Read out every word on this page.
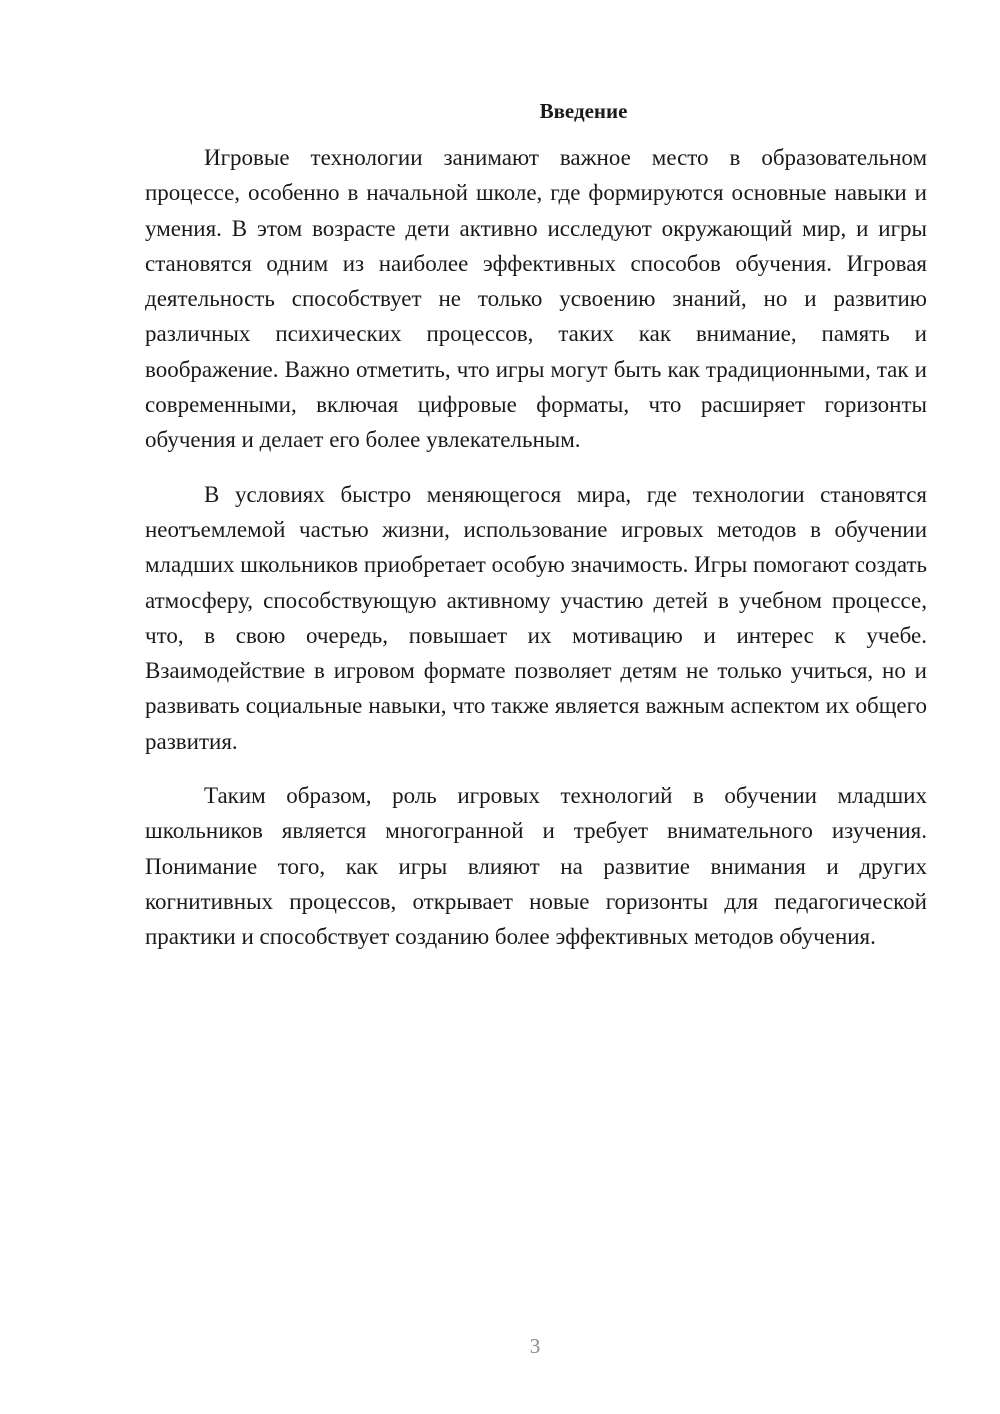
Введение

Игровые технологии занимают важное место в образовательном процессе, особенно в начальной школе, где формируются основные навыки и умения. В этом возрасте дети активно исследуют окружающий мир, и игры становятся одним из наиболее эффективных способов обучения. Игровая деятельность способствует не только усвоению знаний, но и развитию различных психических процессов, таких как внимание, память и воображение. Важно отметить, что игры могут быть как традиционными, так и современными, включая цифровые форматы, что расширяет горизонты обучения и делает его более увлекательным.

В условиях быстро меняющегося мира, где технологии становятся неотъемлемой частью жизни, использование игровых методов в обучении младших школьников приобретает особую значимость. Игры помогают создать атмосферу, способствующую активному участию детей в учебном процессе, что, в свою очередь, повышает их мотивацию и интерес к учебе. Взаимодействие в игровом формате позволяет детям не только учиться, но и развивать социальные навыки, что также является важным аспектом их общего развития.

Таким образом, роль игровых технологий в обучении младших школьников является многогранной и требует внимательного изучения. Понимание того, как игры влияют на развитие внимания и других когнитивных процессов, открывает новые горизонты для педагогической практики и способствует созданию более эффективных методов обучения.

3
